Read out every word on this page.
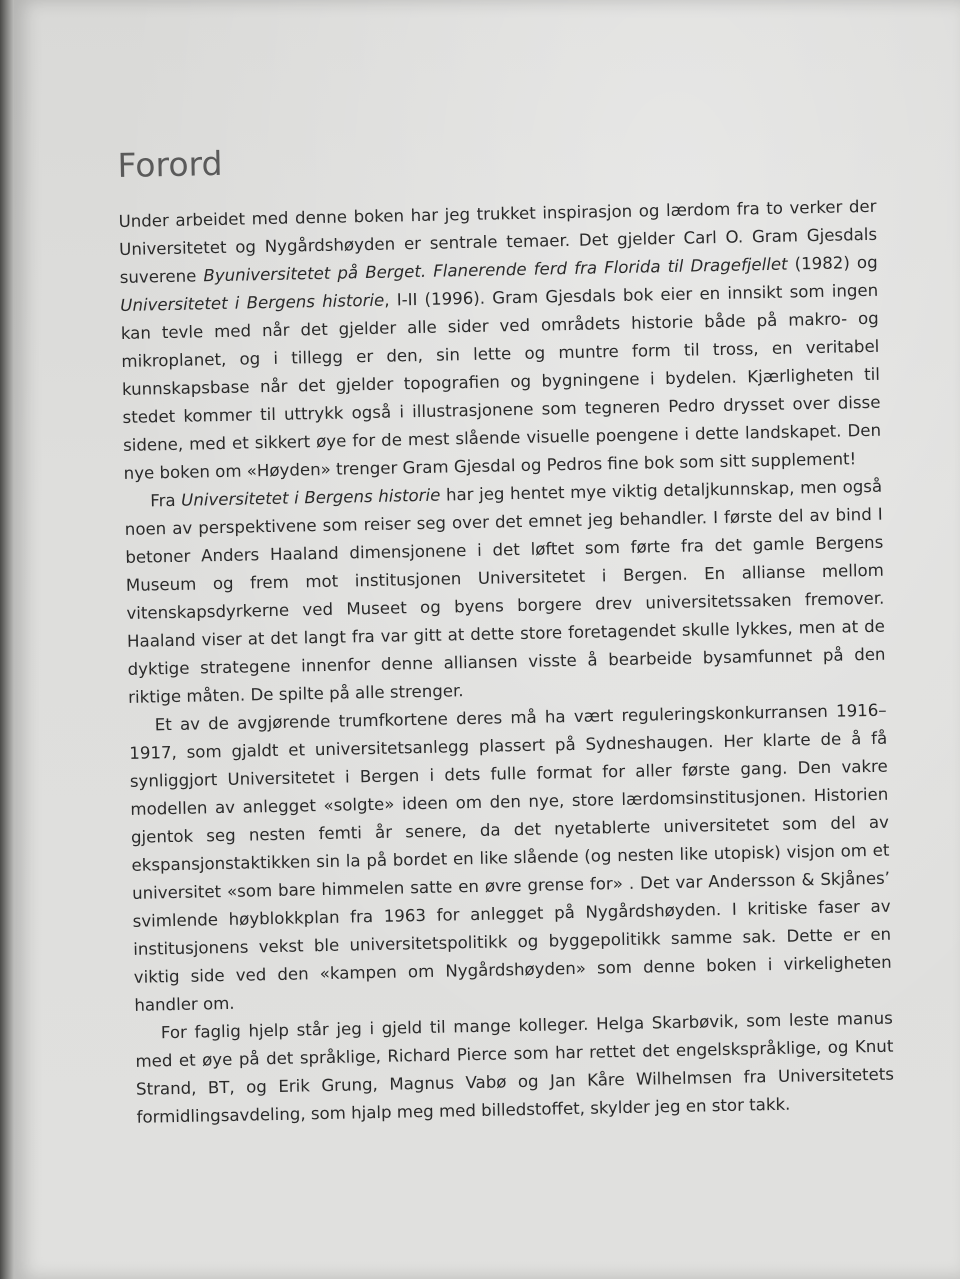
Forord

Under arbeidet med denne boken har jeg trukket inspirasjon og lærdom fra to verker der Universitetet og Nygårdshøyden er sentrale temaer. Det gjelder Carl O. Gram Gjesdals suverene Byuniversitetet på Berget. Flanerende ferd fra Florida til Dragefjellet (1982) og Universitetet i Bergens historie, I-II (1996). Gram Gjesdals bok eier en innsikt som ingen kan tevle med når det gjelder alle sider ved områdets historie både på makro- og mikroplanet, og i tillegg er den, sin lette og muntre form til tross, en veritabel kunnskapsbase når det gjelder topografien og bygningene i bydelen. Kjærligheten til stedet kommer til uttrykk også i illustrasjonene som tegneren Pedro drysset over disse sidene, med et sikkert øye for de mest slående visuelle poengene i dette landskapet. Den nye boken om «Høyden» trenger Gram Gjesdal og Pedros fine bok som sitt supplement!

Fra Universitetet i Bergens historie har jeg hentet mye viktig detaljkunnskap, men også noen av perspektivene som reiser seg over det emnet jeg behandler. I første del av bind I betoner Anders Haaland dimensjonene i det løftet som førte fra det gamle Bergens Museum og frem mot institusjonen Universitetet i Bergen. En allianse mellom vitenskapsdyrkerne ved Museet og byens borgere drev universitetssaken fremover. Haaland viser at det langt fra var gitt at dette store foretagendet skulle lykkes, men at de dyktige strategene innenfor denne alliansen visste å bearbeide bysamfunnet på den riktige måten. De spilte på alle strenger.

Et av de avgjørende trumfkortene deres må ha vært reguleringskonkurransen 1916–1917, som gjaldt et universitetsanlegg plassert på Sydneshaugen. Her klarte de å få synliggjort Universitetet i Bergen i dets fulle format for aller første gang. Den vakre modellen av anlegget «solgte» ideen om den nye, store lærdomsinstitusjonen. Historien gjentok seg nesten femti år senere, da det nyetablerte universitetet som del av ekspansjonstaktikken sin la på bordet en like slående (og nesten like utopisk) visjon om et universitet «som bare himmelen satte en øvre grense for» . Det var Andersson & Skjånes’ svimlende høyblokkplan fra 1963 for anlegget på Nygårdshøyden. I kritiske faser av institusjonens vekst ble universitetspolitikk og byggepolitikk samme sak. Dette er en viktig side ved den «kampen om Nygårdshøyden» som denne boken i virkeligheten handler om.

For faglig hjelp står jeg i gjeld til mange kolleger. Helga Skarbøvik, som leste manus med et øye på det språklige, Richard Pierce som har rettet det engelskspråklige, og Knut Strand, BT, og Erik Grung, Magnus Vabø og Jan Kåre Wilhelmsen fra Universitetets formidlingsavdeling, som hjalp meg med billedstoffet, skylder jeg en stor takk.
